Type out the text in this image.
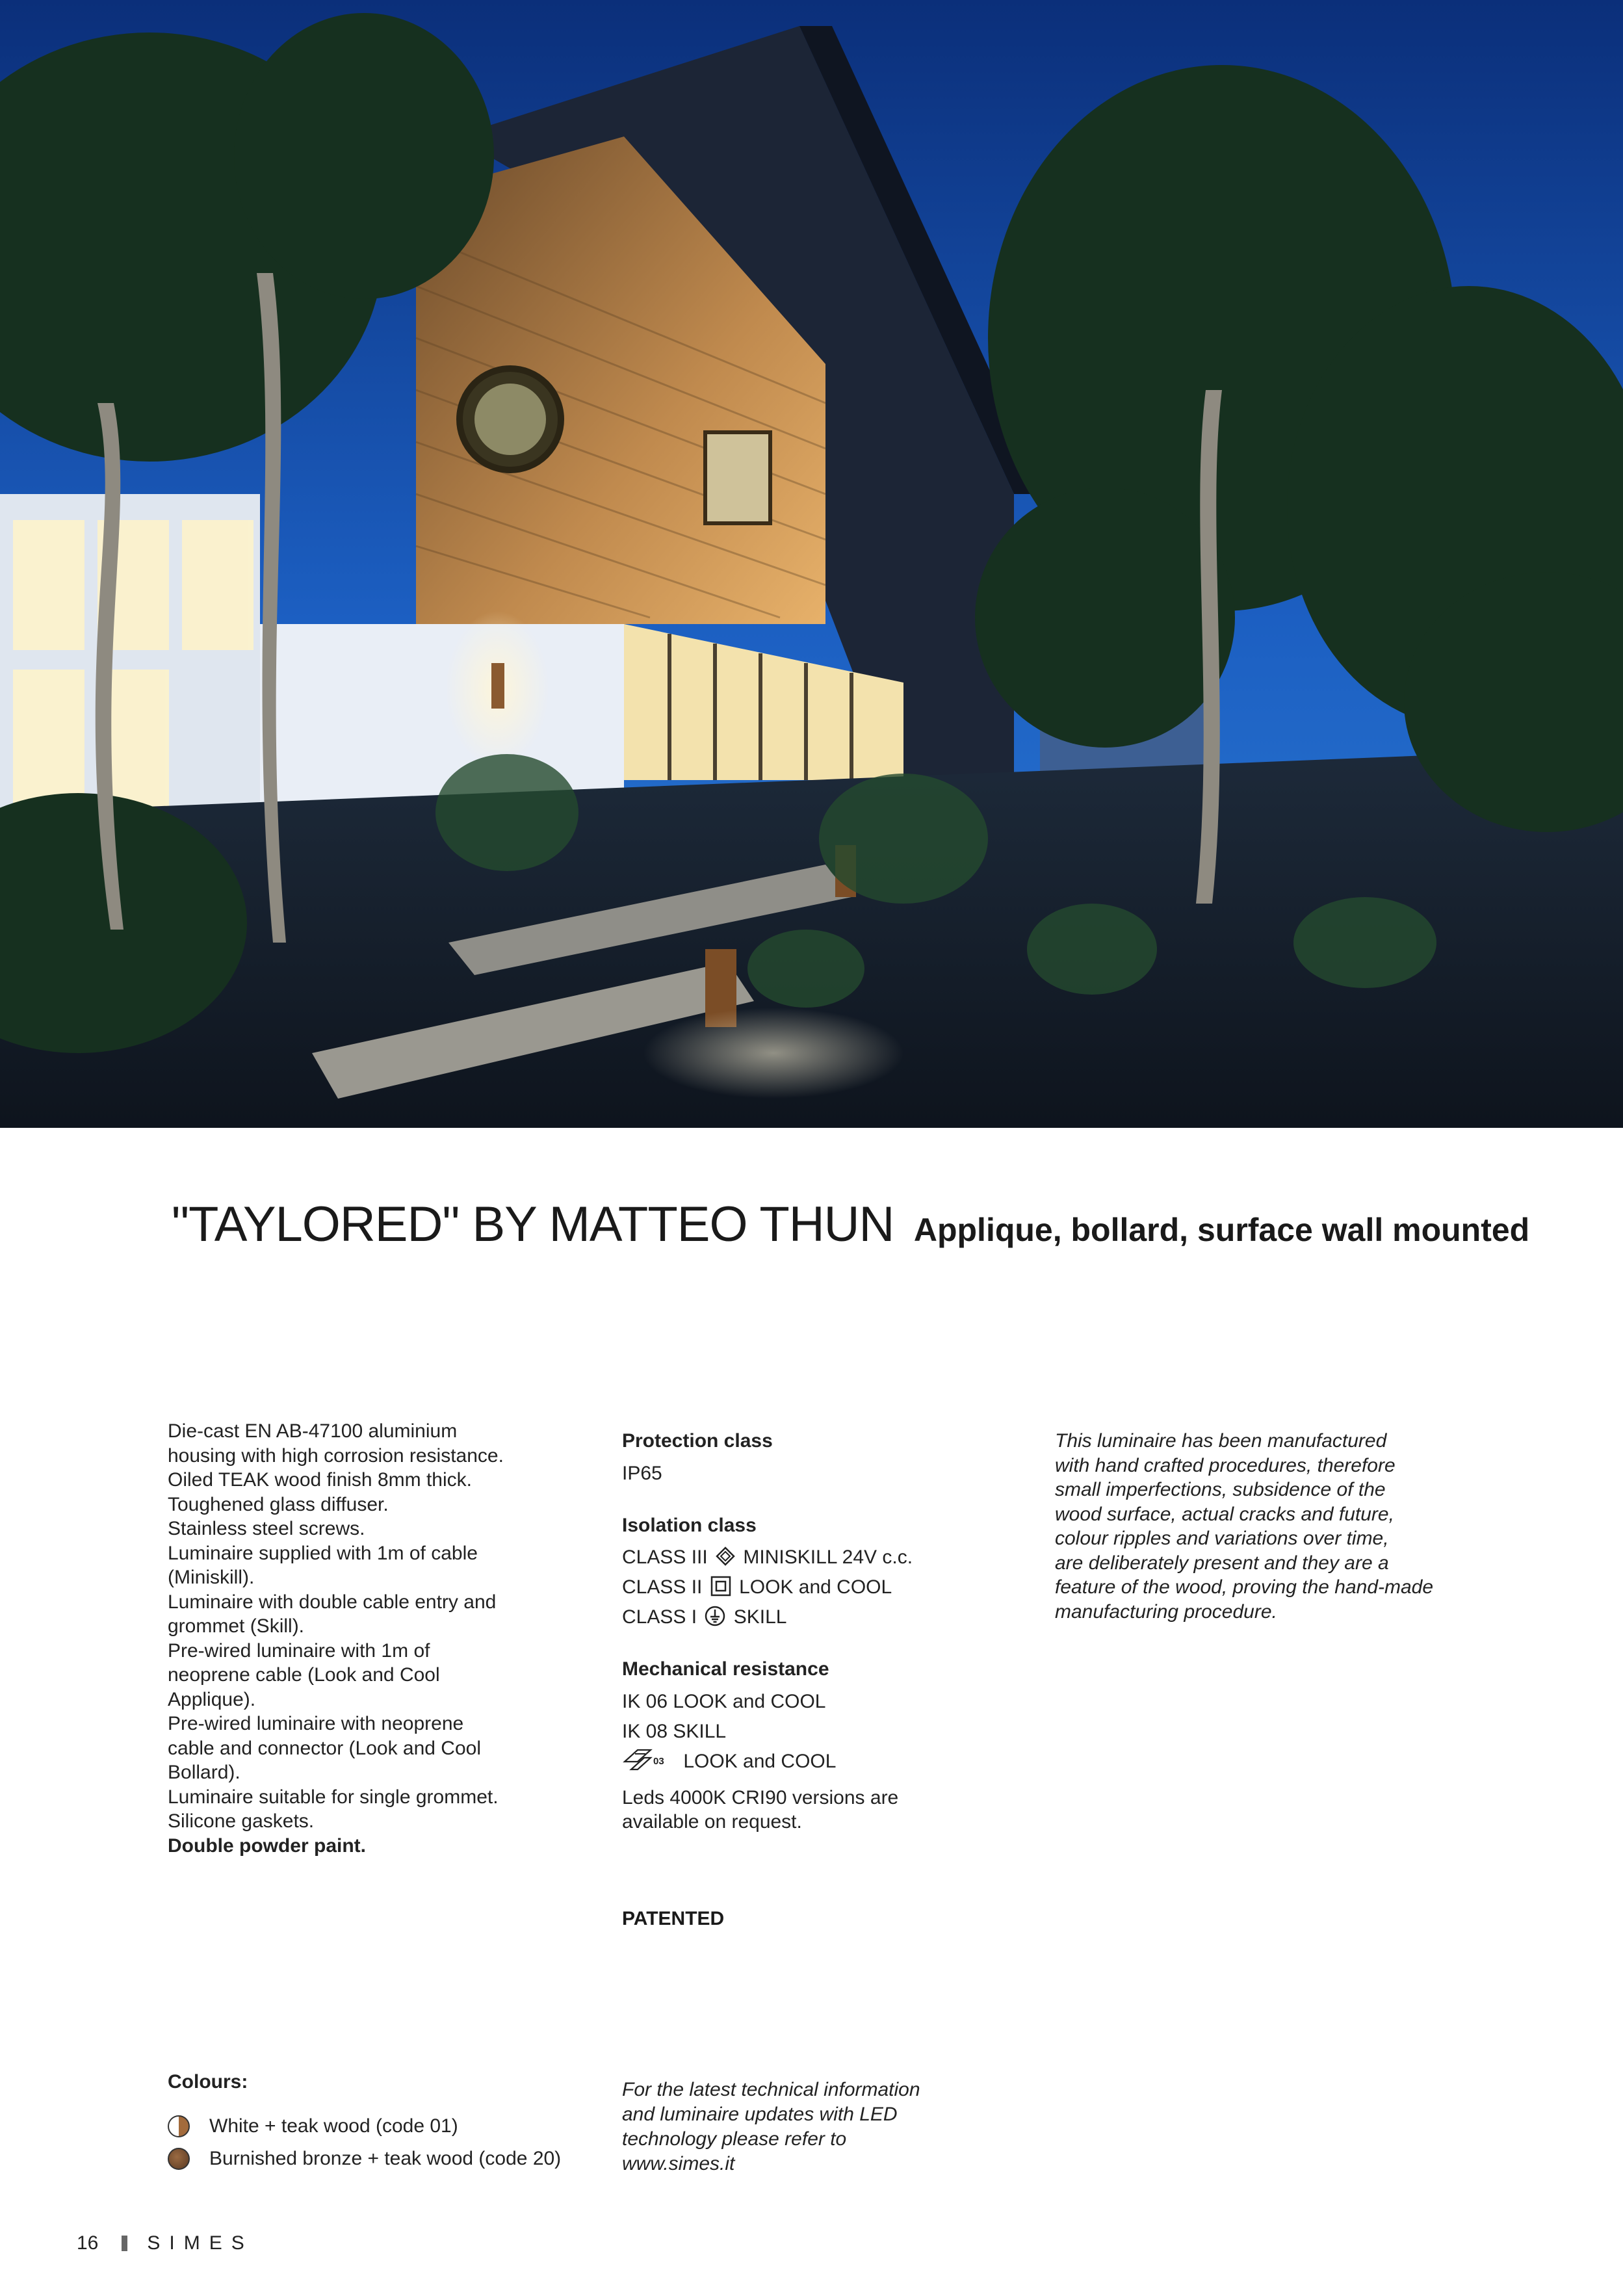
"TAYLORED" BY MATTEO THUN Applique, bollard, surface wall mounted
Die-cast EN AB-47100 aluminium
housing with high corrosion resistance.
Oiled TEAK wood finish 8mm thick.
Toughened glass diffuser.
Stainless steel screws.
Luminaire supplied with 1m of cable
(Miniskill).
Luminaire with double cable entry and
grommet (Skill).
Pre-wired luminaire with 1m of
neoprene cable (Look and Cool
Applique).
Pre-wired luminaire with neoprene
cable and connector (Look and Cool
Bollard).
Luminaire suitable for single grommet.
Silicone gaskets.
Double powder paint.
Protection class
IP65
Isolation class
CLASS III MINISKILL 24V c.c.
CLASS II LOOK and COOL
CLASS I SKILL
Mechanical resistance
IK 06 LOOK and COOL
IK 08 SKILL
03 LOOK and COOL
Leds 4000K CRI90 versions are
available on request.
PATENTED
This luminaire has been manufactured
with hand crafted procedures, therefore
small imperfections, subsidence of the
wood surface, actual cracks and future,
colour ripples and variations over time,
are deliberately present and they are a
feature of the wood, proving the hand-made
manufacturing procedure.
Colours:
White + teak wood (code 01)
Burnished bronze + teak wood (code 20)
For the latest technical information
and luminaire updates with LED
technology please refer to
www.simes.it
16	SIMES
